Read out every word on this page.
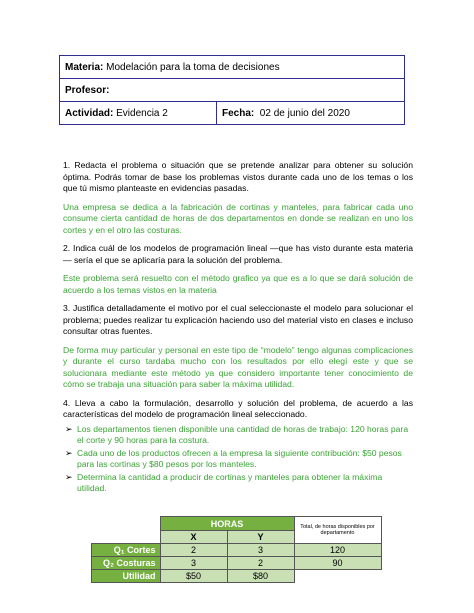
Materia:
Modelación para la toma de decisiones
Profesor:
Actividad:
Evidencia 2	Fecha:
02 de junio del 2020

1. Redacta el problema o situación que se pretende analizar para obtener su solución óptima. Podrás tomar de base los problemas vistos durante cada uno de los temas o los que tú mismo planteaste en evidencias pasadas.

Una empresa se dedica a la fabricación de cortinas y manteles, para fabricar cada uno consume cierta cantidad de horas de dos departamentos en donde se realizan en uno los cortes y en el otro las costuras.

2. Indica cuál de los modelos de programación lineal —que has visto durante esta materia— sería el que se aplicaría para la solución del problema.

Este problema será resuelto con el método grafico ya que es a lo que se dará solución de acuerdo a los temas vistos en la materia

3. Justifica detalladamente el motivo por el cual seleccionaste el modelo para solucionar el problema; puedes realizar tu explicación haciendo uso del material visto en clases e incluso consultar otras fuentes.

De forma muy particular y personal en este tipo de “modelo” tengo algunas complicaciones y durante el curso tardaba mucho con los resultados por ello elegí este y que se solucionara mediante este método ya que considero importante tener conocimiento de cómo se trabaja una situación para saber la máxima utilidad.

4. Lleva a cabo la formulación, desarrollo y solución del problema, de acuerdo a las características del modelo de programación lineal seleccionado.

➢ Los departamentos tienen disponible una cantidad de horas de trabajo: 120 horas para el corte y 90 horas para la costura.
➢ Cada uno de los productos ofrecen a la empresa la siguiente contribución: $50 pesos para las cortinas y $80 pesos por los manteles.
➢ Determina la cantidad a producir de cortinas y manteles para obtener la máxima utilidad.
	HORAS		Total, de horas disponibles por departamento
	X	Y	
Q₁ Cortes	2	3	120
Q₂ Costuras	3	2	90
Utilidad	$50	$80	
